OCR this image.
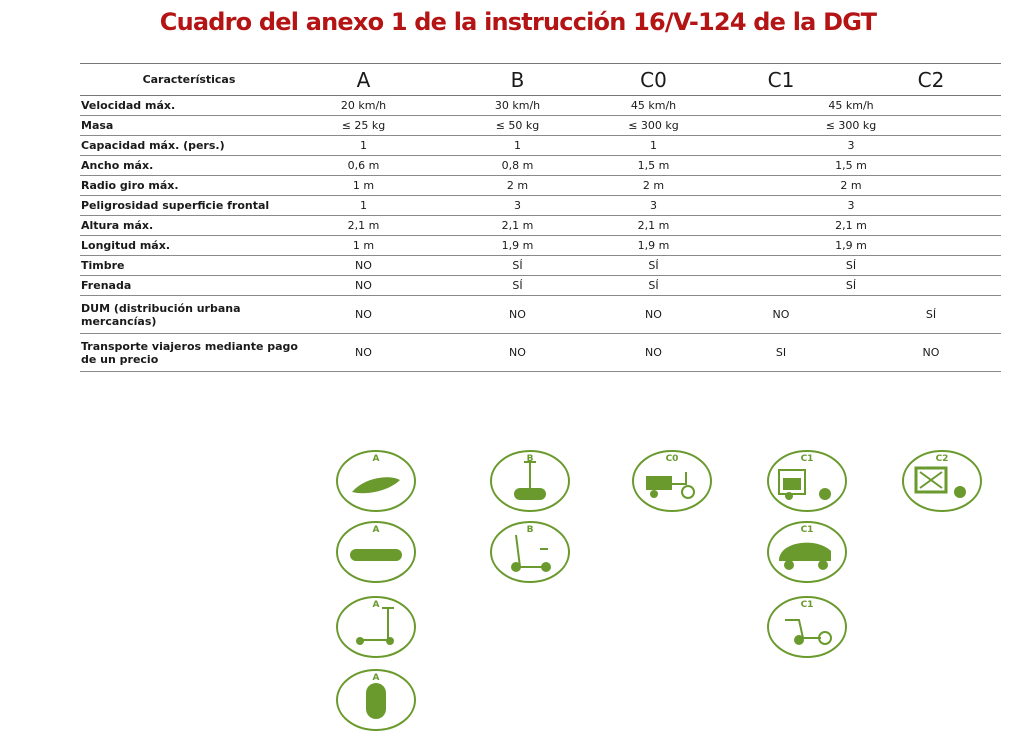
Cuadro del anexo 1 de la instrucción 16/V-124 de la DGT
Características	A	B	C0	C1	C2
Velocidad máx.	20 km/h	30 km/h	45 km/h	45 km/h	
Masa	≤ 25 kg	≤ 50 kg	≤ 300 kg	≤ 300 kg	
Capacidad máx. (pers.)	1	1	1	3	
Ancho máx.	0,6 m	0,8 m	1,5 m	1,5 m	
Radio giro máx.	1 m	2 m	2 m	2 m	
Peligrosidad superficie frontal	1	3	3	3	
Altura máx.	2,1 m	2,1 m	2,1 m	2,1 m	
Longitud máx.	1 m	1,9 m	1,9 m	1,9 m	
Timbre	NO	SÍ	SÍ	SÍ	
Frenada	NO	SÍ	SÍ	SÍ	
DUM (distribución urbana mercancías)	NO	NO	NO	NO	SÍ
Transporte viajeros mediante pago de un precio	NO	NO	NO	SI	NO
A
A
A
A
B
B
C0	C1
C1
C1
C2
